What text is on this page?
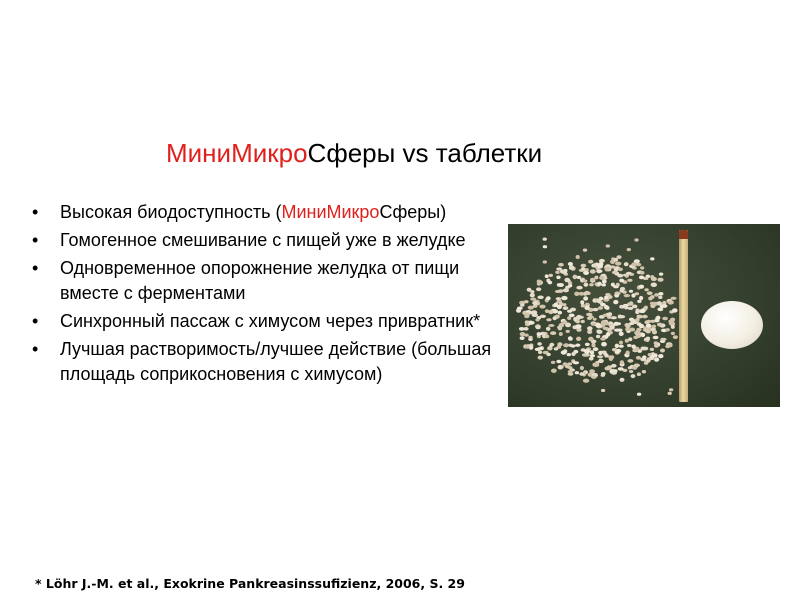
МиниМикроСферы vs таблетки
• Высокая биодоступность (МиниМикроСферы)
• Гомогенное смешивание с пищей уже в желудке
• Одновременное опорожнение желудка от пищи вместе с ферментами
• Синхронный пассаж с химусом через привратник*
• Лучшая растворимость/лучшее действие (большая площадь соприкосновения с химусом)
* Löhr J.-M. et al., Exokrine Pankreasinssufizienz, 2006, S. 29
